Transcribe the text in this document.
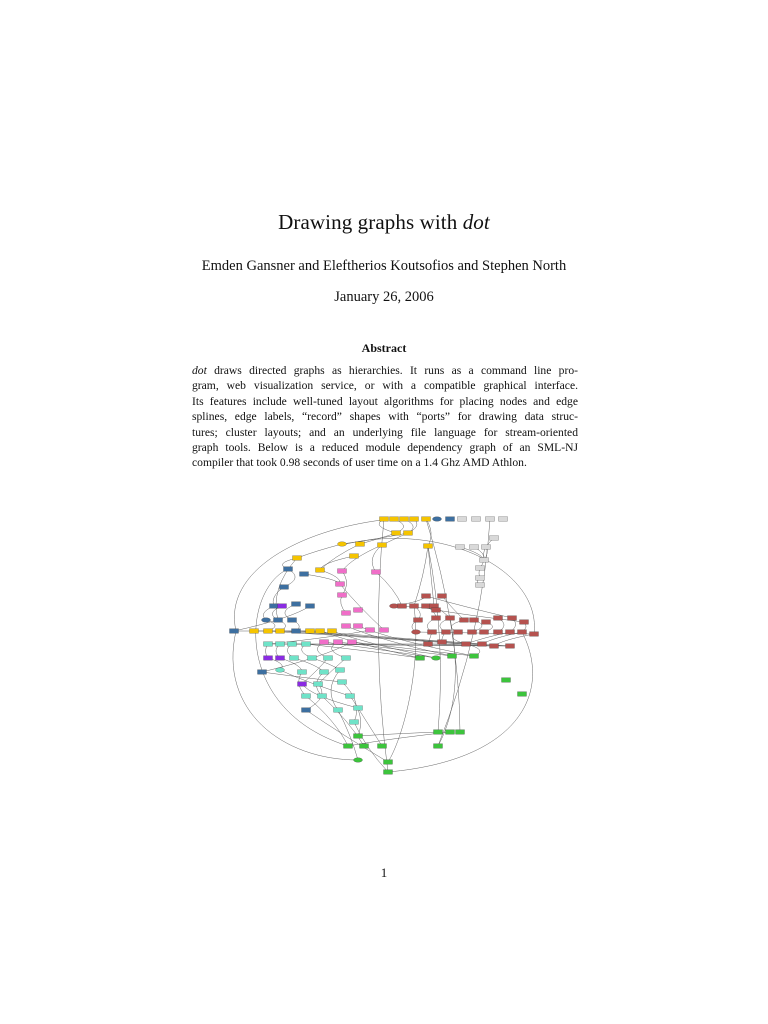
Drawing graphs with dot
Emden Gansner and Eleftherios Koutsofios and Stephen North
January 26, 2006
Abstract
dot draws directed graphs as hierarchies. It runs as a command line pro-
gram, web visualization service, or with a compatible graphical interface.
Its features include well-tuned layout algorithms for placing nodes and edge
splines, edge labels, “record” shapes with “ports” for drawing data struc-
tures; cluster layouts; and an underlying file language for stream-oriented
graph tools. Below is a reduced module dependency graph of an SML-NJ
compiler that took 0.98 seconds of user time on a 1.4 Ghz AMD Athlon.
1
